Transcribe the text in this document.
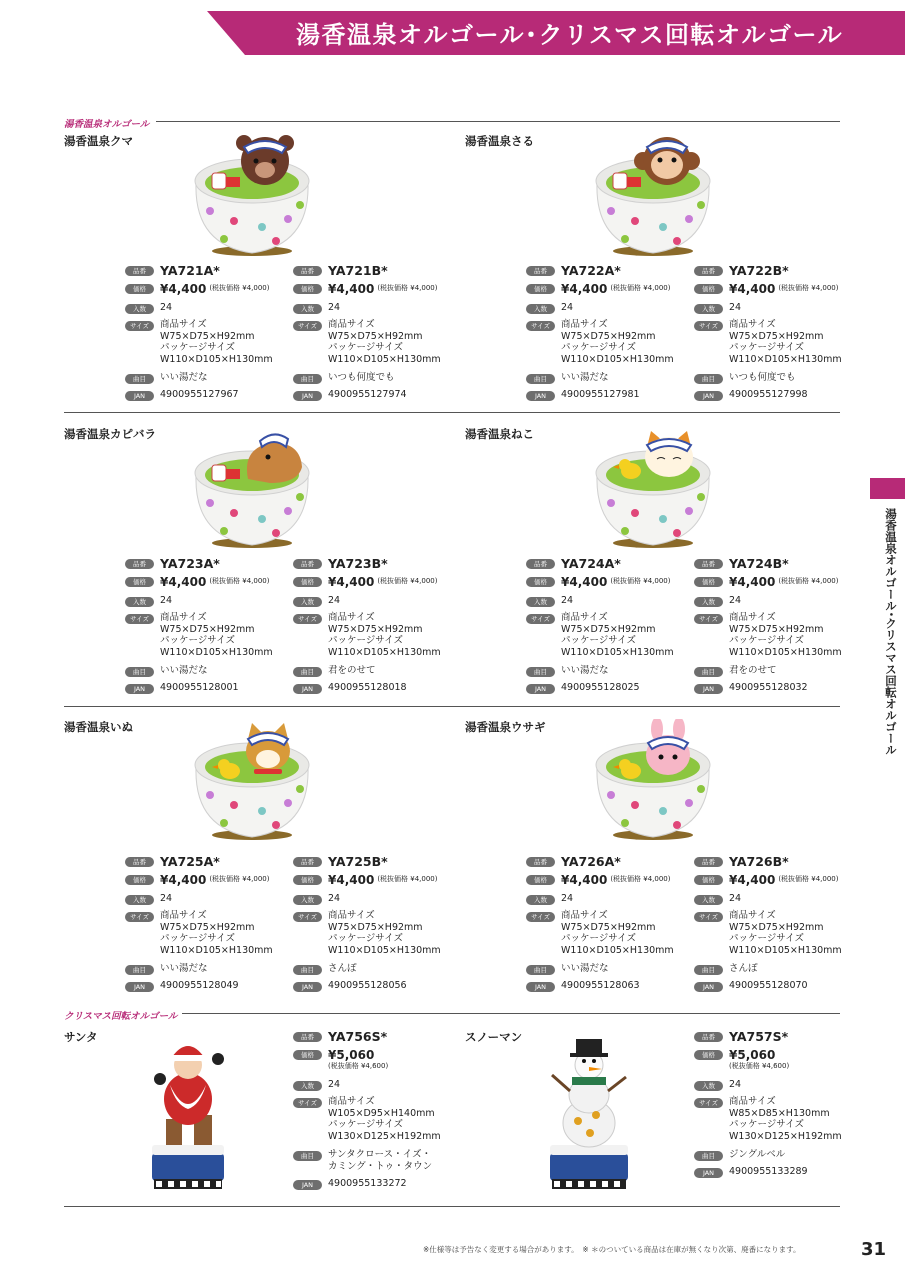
湯香温泉オルゴール･クリスマス回転オルゴール
湯香温泉オルゴール
クリスマス回転オルゴール
湯香温泉クマ	湯香温泉さる
湯香温泉カピバラ	湯香温泉ねこ
湯香温泉いぬ	湯香温泉ウサギ
サンタ	スノーマン
品番	YA721A*
価格	¥4,400 (税抜価格 ¥4,000)
入数	24
サイズ	商品サイズ
W75×D75×H92mm
パッケージサイズ
W110×D105×H130mm
曲目	いい湯だな
JAN	4900955127967
品番	YA721B*
価格	¥4,400 (税抜価格 ¥4,000)
入数	24
サイズ	商品サイズ
W75×D75×H92mm
パッケージサイズ
W110×D105×H130mm
曲目	いつも何度でも
JAN	4900955127974
品番	YA722A*
価格	¥4,400 (税抜価格 ¥4,000)
入数	24
サイズ	商品サイズ
W75×D75×H92mm
パッケージサイズ
W110×D105×H130mm
曲目	いい湯だな
JAN	4900955127981
品番	YA722B*
価格	¥4,400 (税抜価格 ¥4,000)
入数	24
サイズ	商品サイズ
W75×D75×H92mm
パッケージサイズ
W110×D105×H130mm
曲目	いつも何度でも
JAN	4900955127998
品番	YA723A*
価格	¥4,400 (税抜価格 ¥4,000)
入数	24
サイズ	商品サイズ
W75×D75×H92mm
パッケージサイズ
W110×D105×H130mm
曲目	いい湯だな
JAN	4900955128001
品番	YA723B*
価格	¥4,400 (税抜価格 ¥4,000)
入数	24
サイズ	商品サイズ
W75×D75×H92mm
パッケージサイズ
W110×D105×H130mm
曲目	君をのせて
JAN	4900955128018
品番	YA724A*
価格	¥4,400 (税抜価格 ¥4,000)
入数	24
サイズ	商品サイズ
W75×D75×H92mm
パッケージサイズ
W110×D105×H130mm
曲目	いい湯だな
JAN	4900955128025
品番	YA724B*
価格	¥4,400 (税抜価格 ¥4,000)
入数	24
サイズ	商品サイズ
W75×D75×H92mm
パッケージサイズ
W110×D105×H130mm
曲目	君をのせて
JAN	4900955128032
品番	YA725A*
価格	¥4,400 (税抜価格 ¥4,000)
入数	24
サイズ	商品サイズ
W75×D75×H92mm
パッケージサイズ
W110×D105×H130mm
曲目	いい湯だな
JAN	4900955128049
品番	YA725B*
価格	¥4,400 (税抜価格 ¥4,000)
入数	24
サイズ	商品サイズ
W75×D75×H92mm
パッケージサイズ
W110×D105×H130mm
曲目	さんぽ
JAN	4900955128056
品番	YA726A*
価格	¥4,400 (税抜価格 ¥4,000)
入数	24
サイズ	商品サイズ
W75×D75×H92mm
パッケージサイズ
W110×D105×H130mm
曲目	いい湯だな
JAN	4900955128063
品番	YA726B*
価格	¥4,400 (税抜価格 ¥4,000)
入数	24
サイズ	商品サイズ
W75×D75×H92mm
パッケージサイズ
W110×D105×H130mm
曲目	さんぽ
JAN	4900955128070
品番	YA756S*
価格	¥5,060
(税抜価格 ¥4,600)
入数	24
サイズ	商品サイズ
W105×D95×H140mm
パッケージサイズ
W130×D125×H192mm
曲目	サンタクロース・イズ・
カミング・トゥ・タウン
JAN	4900955133272
品番	YA757S*
価格	¥5,060
(税抜価格 ¥4,600)
入数	24
サイズ	商品サイズ
W85×D85×H130mm
パッケージサイズ
W130×D125×H192mm
曲目	ジングルベル
JAN	4900955133289
湯香温泉オルゴール･クリスマス回転オルゴール
※仕様等は予告なく変更する場合があります。　※ ＊のついている商品は在庫が無くなり次第、廃番になります。	31
